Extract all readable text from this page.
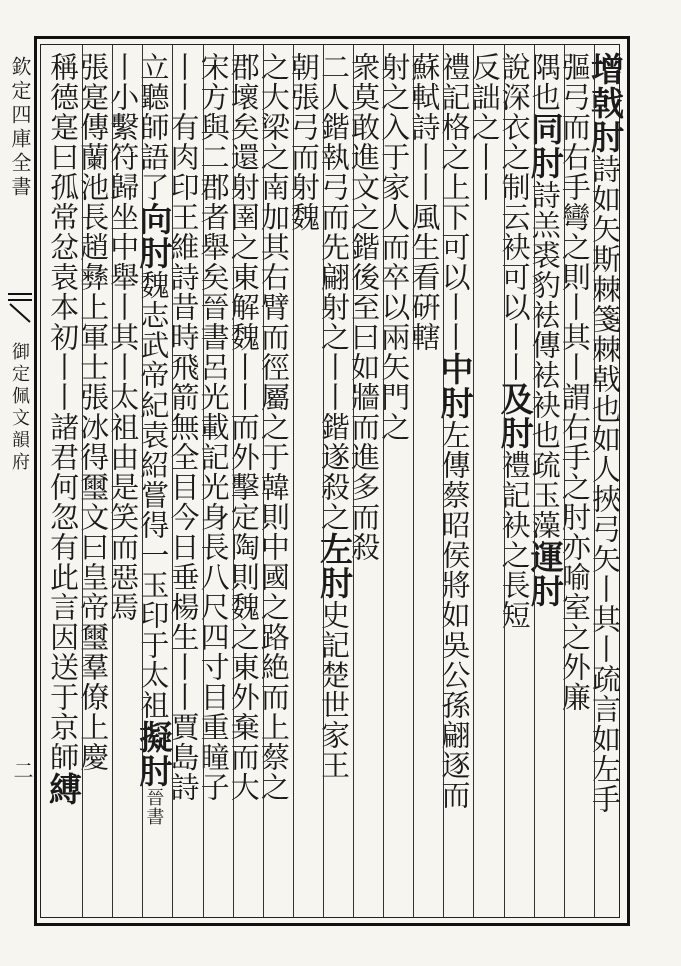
欽定四庫全書
御定佩文韻府
二
增戟肘詩如矢斯棘箋棘戟也如人挾弓矢丨其丨疏言如左手
彄弓而右手彎之則丨其丨謂右手之肘亦喻室之外廉
隅也同肘詩羔裘豹袪傳袪袂也疏玉藻運肘
說深衣之制云袂可以丨丨及肘禮記袂之長短
反詘之丨丨
禮記格之上下可以丨丨中肘左傳蔡昭侯將如吳公孫翩逐而
蘇軾詩丨丨風生看硏轄
射之入于家人而卒以兩矢門之
衆莫敢進文之鍇後至曰如牆而進多而殺
二人鍇執弓而先翩射之丨丨鍇遂殺之左肘史記楚世家王
朝張弓而射魏
之大梁之南加其右臂而徑屬之于韓則中國之路絶而上蔡之
郡壞矣還射圉之東解魏丨丨而外擊定陶則魏之東外棄而大
宋方與二郡者舉矣晉書呂光載記光身長八尺四寸目重瞳子
丨丨有肉印王維詩昔時飛箭無全目今日垂楊生丨丨賈島詩
立聽師語了向肘魏志武帝紀袁紹嘗得一玉印于太祖擬肘晉書
丨小繫符歸坐中舉丨其丨太祖由是笑而惡焉
張寔傳蘭池長趙彝上軍士張冰得璽文曰皇帝璽羣僚上慶
稱德寔曰孤常忿袁本初丨丨諸君何忽有此言因送于京師縛
